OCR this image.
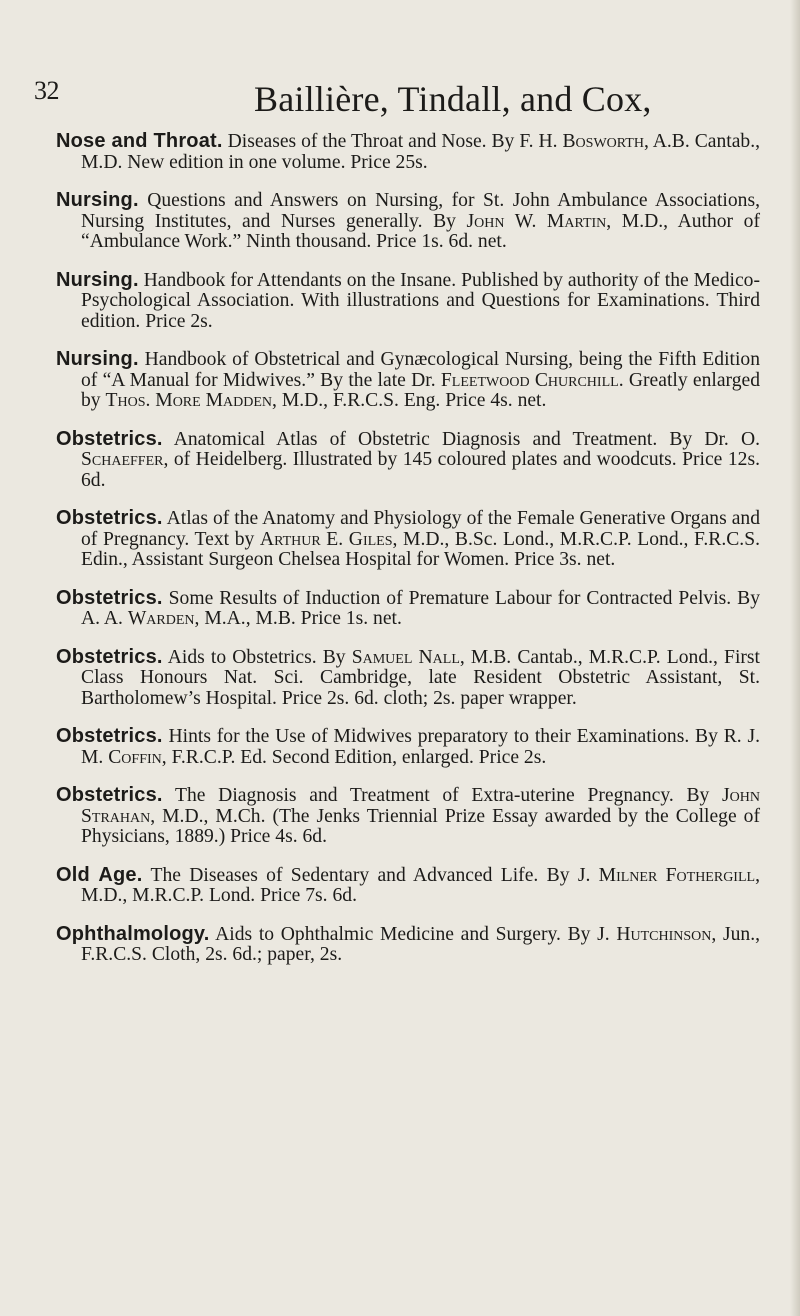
32	Baillière, Tindall, and Cox,

Nose and Throat. Diseases of the Throat and Nose. By F. H. Bosworth, A.B. Cantab., M.D. New edition in one volume. Price 25s.

Nursing. Questions and Answers on Nursing, for St. John Ambulance Associations, Nursing Institutes, and Nurses generally. By John W. Martin, M.D., Author of “Ambulance Work.” Ninth thousand. Price 1s. 6d. net.

Nursing. Handbook for Attendants on the Insane. Published by authority of the Medico-Psychological Association. With illustrations and Questions for Examinations. Third edition. Price 2s.

Nursing. Handbook of Obstetrical and Gynæcological Nursing, being the Fifth Edition of “A Manual for Midwives.” By the late Dr. Fleetwood Churchill. Greatly enlarged by Thos. More Madden, M.D., F.R.C.S. Eng. Price 4s. net.

Obstetrics. Anatomical Atlas of Obstetric Diagnosis and Treatment. By Dr. O. Schaeffer, of Heidelberg. Illustrated by 145 coloured plates and woodcuts. Price 12s. 6d.

Obstetrics. Atlas of the Anatomy and Physiology of the Female Generative Organs and of Pregnancy. Text by Arthur E. Giles, M.D., B.Sc. Lond., M.R.C.P. Lond., F.R.C.S. Edin., Assistant Surgeon Chelsea Hospital for Women. Price 3s. net.

Obstetrics. Some Results of Induction of Premature Labour for Contracted Pelvis. By A. A. Warden, M.A., M.B. Price 1s. net.

Obstetrics. Aids to Obstetrics. By Samuel Nall, M.B. Cantab., M.R.C.P. Lond., First Class Honours Nat. Sci. Cambridge, late Resident Obstetric Assistant, St. Bartholomew’s Hospital. Price 2s. 6d. cloth; 2s. paper wrapper.

Obstetrics. Hints for the Use of Midwives preparatory to their Examinations. By R. J. M. Coffin, F.R.C.P. Ed. Second Edition, enlarged. Price 2s.

Obstetrics. The Diagnosis and Treatment of Extra-uterine Pregnancy. By John Strahan, M.D., M.Ch. (The Jenks Triennial Prize Essay awarded by the College of Physicians, 1889.) Price 4s. 6d.

Old Age. The Diseases of Sedentary and Advanced Life. By J. Milner Fothergill, M.D., M.R.C.P. Lond. Price 7s. 6d.

Ophthalmology. Aids to Ophthalmic Medicine and Surgery. By J. Hutchinson, Jun., F.R.C.S. Cloth, 2s. 6d.; paper, 2s.
